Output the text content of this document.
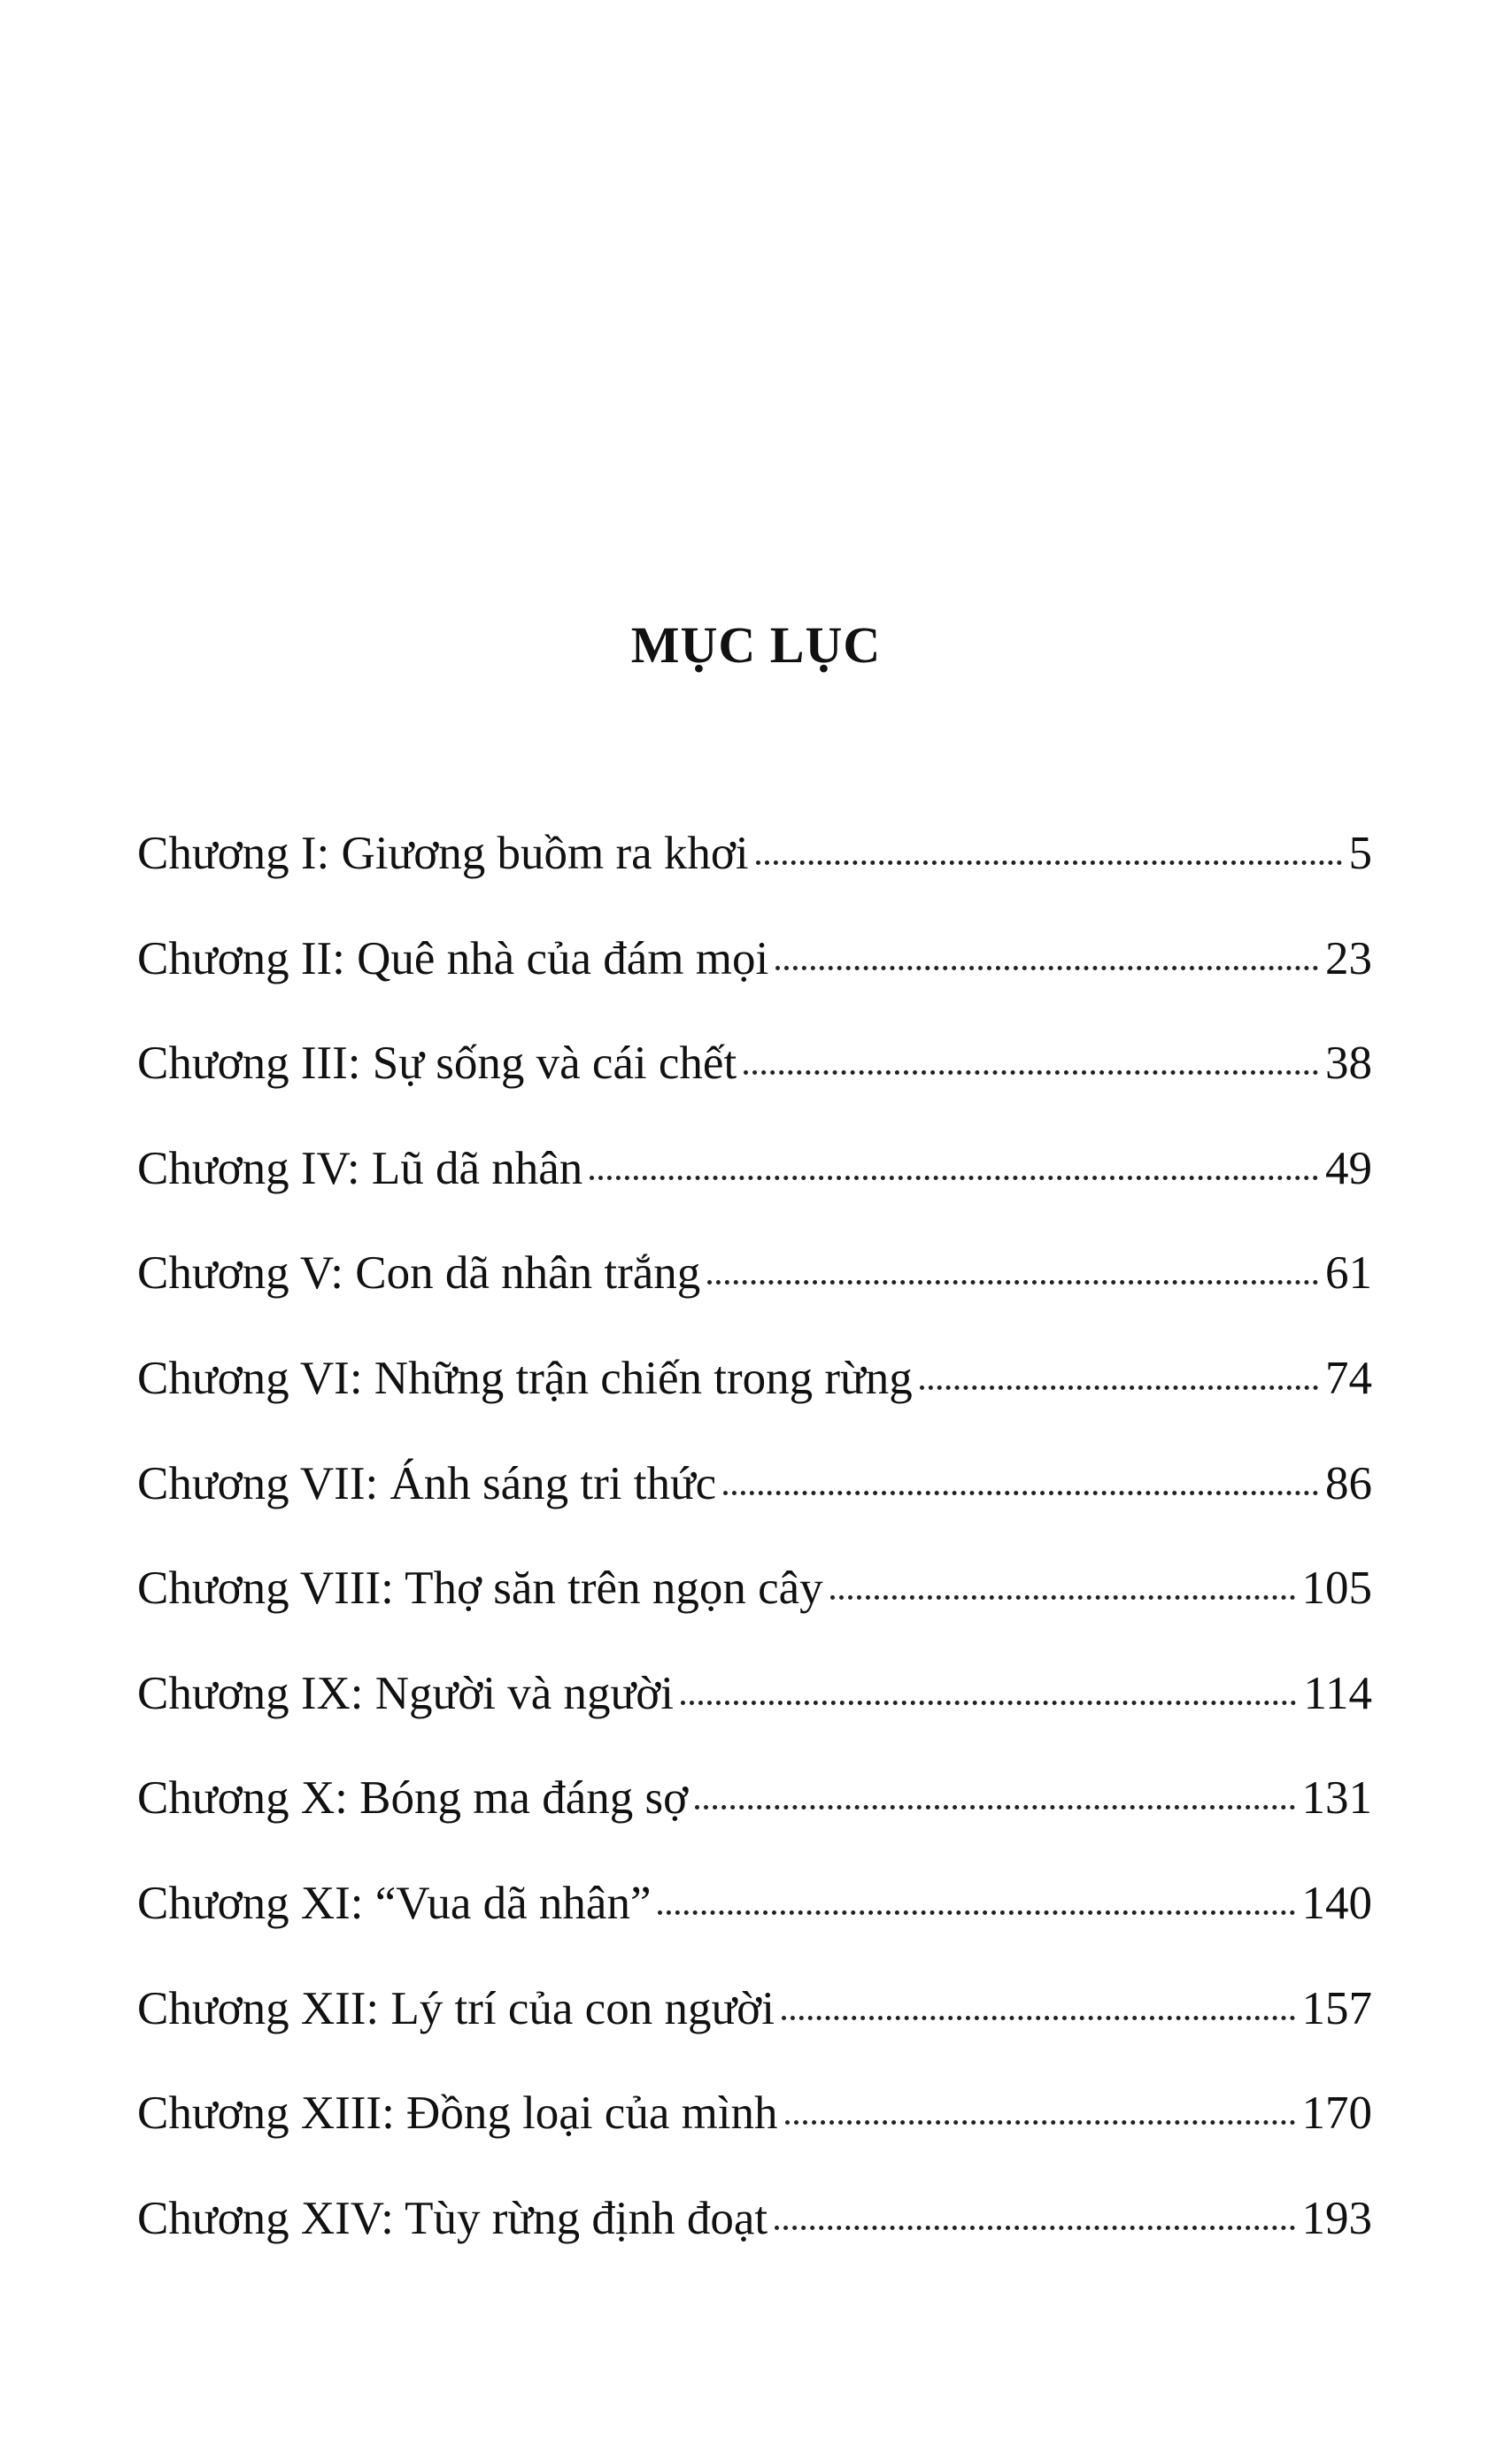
MỤC LỤC
Chương I: Giương buồm ra khơi	5
Chương II: Quê nhà của đám mọi	23
Chương III: Sự sống và cái chết	38
Chương IV: Lũ dã nhân	49
Chương V: Con dã nhân trắng	61
Chương VI: Những trận chiến trong rừng	74
Chương VII: Ánh sáng tri thức	86
Chương VIII: Thợ săn trên ngọn cây	105
Chương IX: Người và người	114
Chương X: Bóng ma đáng sợ	131
Chương XI: “Vua dã nhân”	140
Chương XII: Lý trí của con người	157
Chương XIII: Đồng loại của mình	170
Chương XIV: Tùy rừng định đoạt	193
